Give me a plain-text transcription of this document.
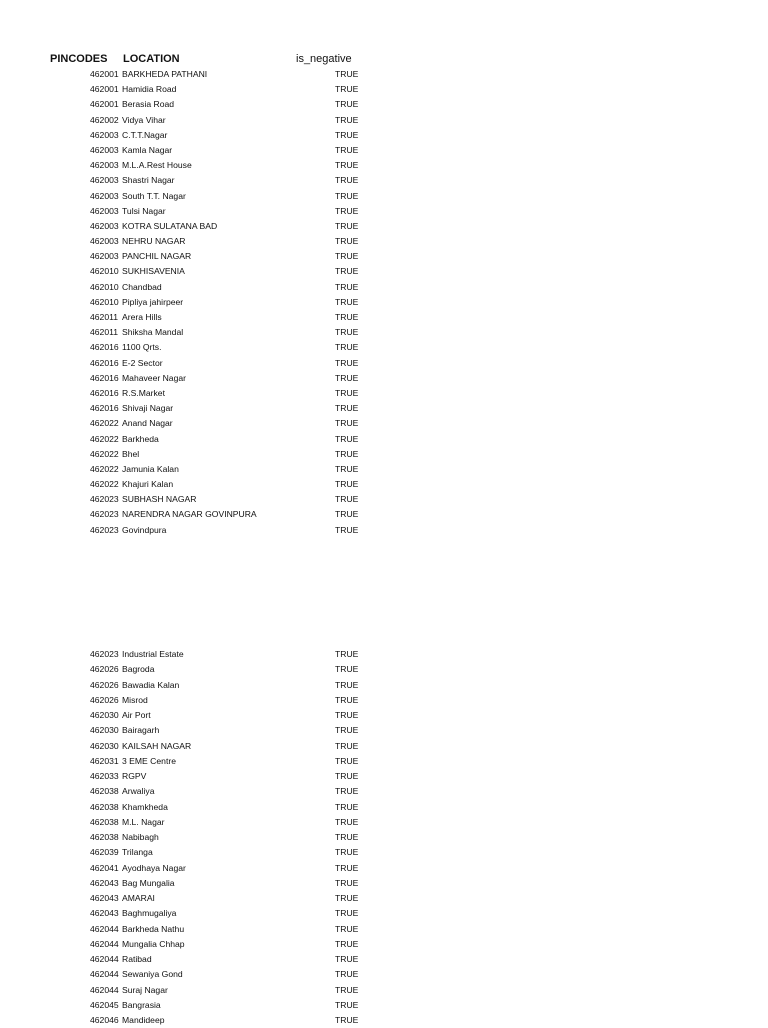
PINCODES LOCATION	is_negative
462001 BARKHEDA PATHANI	TRUE
462001 Hamidia Road	TRUE
462001 Berasia Road	TRUE
462002 Vidya Vihar	TRUE
462003 C.T.T.Nagar	TRUE
462003 Kamla Nagar	TRUE
462003 M.L.A.Rest House	TRUE
462003 Shastri Nagar	TRUE
462003 South T.T. Nagar	TRUE
462003 Tulsi Nagar	TRUE
462003 KOTRA SULATANA BAD	TRUE
462003 NEHRU NAGAR	TRUE
462003 PANCHIL NAGAR	TRUE
462010 SUKHISAVENIA	TRUE
462010 Chandbad	TRUE
462010 Pipliya jahirpeer	TRUE
462011 Arera Hills	TRUE
462011 Shiksha Mandal	TRUE
462016 1100 Qrts.	TRUE
462016 E-2 Sector	TRUE
462016 Mahaveer Nagar	TRUE
462016 R.S.Market	TRUE
462016 Shivaji Nagar	TRUE
462022 Anand Nagar	TRUE
462022 Barkheda	TRUE
462022 Bhel	TRUE
462022 Jamunia Kalan	TRUE
462022 Khajuri Kalan	TRUE
462023 SUBHASH NAGAR	TRUE
462023 NARENDRA NAGAR GOVINPURA	TRUE
462023 Govindpura	TRUE
462023 Industrial Estate	TRUE
462026 Bagroda	TRUE
462026 Bawadia Kalan	TRUE
462026 Misrod	TRUE
462030 Air Port	TRUE
462030 Bairagarh	TRUE
462030 KAILSAH NAGAR	TRUE
462031 3 EME Centre	TRUE
462033 RGPV	TRUE
462038 Arwaliya	TRUE
462038 Khamkheda	TRUE
462038 M.L. Nagar	TRUE
462038 Nabibagh	TRUE
462039 Trilanga	TRUE
462041 Ayodhaya Nagar	TRUE
462043 Bag Mungalia	TRUE
462043 AMARAI	TRUE
462043 Baghmugaliya	TRUE
462044 Barkheda Nathu	TRUE
462044 Mungalia Chhap	TRUE
462044 Ratibad	TRUE
462044 Sewaniya Gond	TRUE
462044 Suraj Nagar	TRUE
462045 Bangrasia	TRUE
462046 Mandideep	TRUE
